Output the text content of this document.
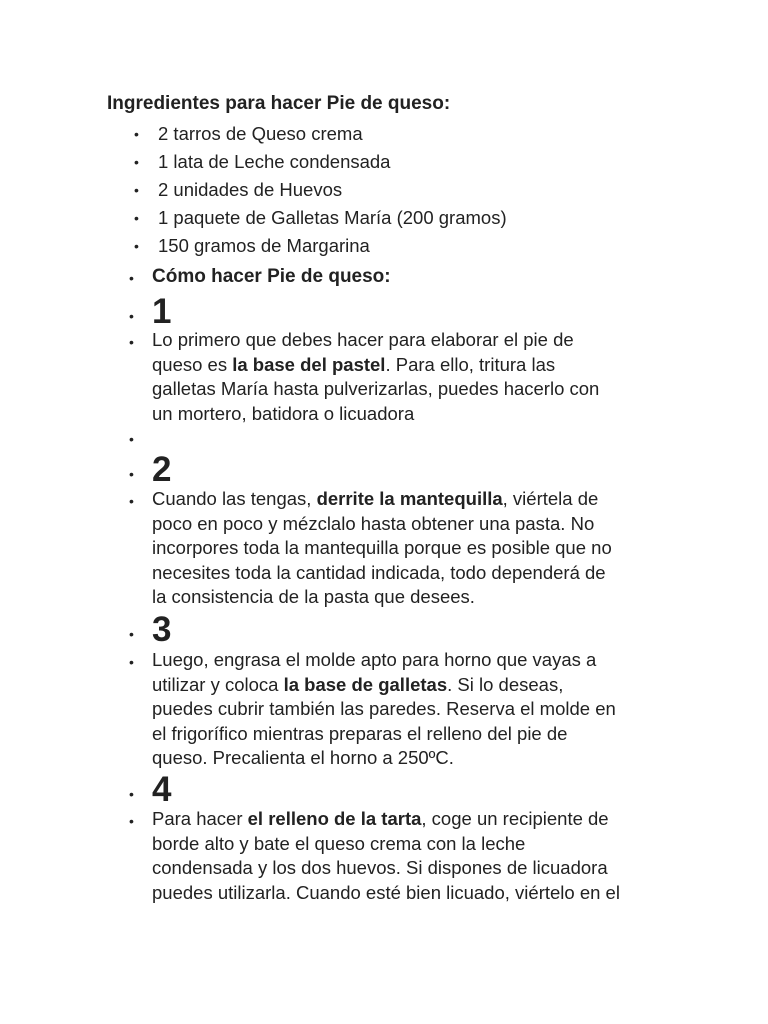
Ingredientes para hacer Pie de queso:
• 2 tarros de Queso crema
• 1 lata de Leche condensada
• 2 unidades de Huevos
• 1 paquete de Galletas María (200 gramos)
• 150 gramos de Margarina
• Cómo hacer Pie de queso:
• 1
• Lo primero que debes hacer para elaborar el pie de
queso es la base del pastel. Para ello, tritura las
galletas María hasta pulverizarlas, puedes hacerlo con
un mortero, batidora o licuadora
•
• 2
• Cuando las tengas, derrite la mantequilla, viértela de
poco en poco y mézclalo hasta obtener una pasta. No
incorpores toda la mantequilla porque es posible que no
necesites toda la cantidad indicada, todo dependerá de
la consistencia de la pasta que desees.
• 3
• Luego, engrasa el molde apto para horno que vayas a
utilizar y coloca la base de galletas. Si lo deseas,
puedes cubrir también las paredes. Reserva el molde en
el frigorífico mientras preparas el relleno del pie de
queso. Precalienta el horno a 250ºC.
• 4
• Para hacer el relleno de la tarta, coge un recipiente de
borde alto y bate el queso crema con la leche
condensada y los dos huevos. Si dispones de licuadora
puedes utilizarla. Cuando esté bien licuado, viértelo en el
